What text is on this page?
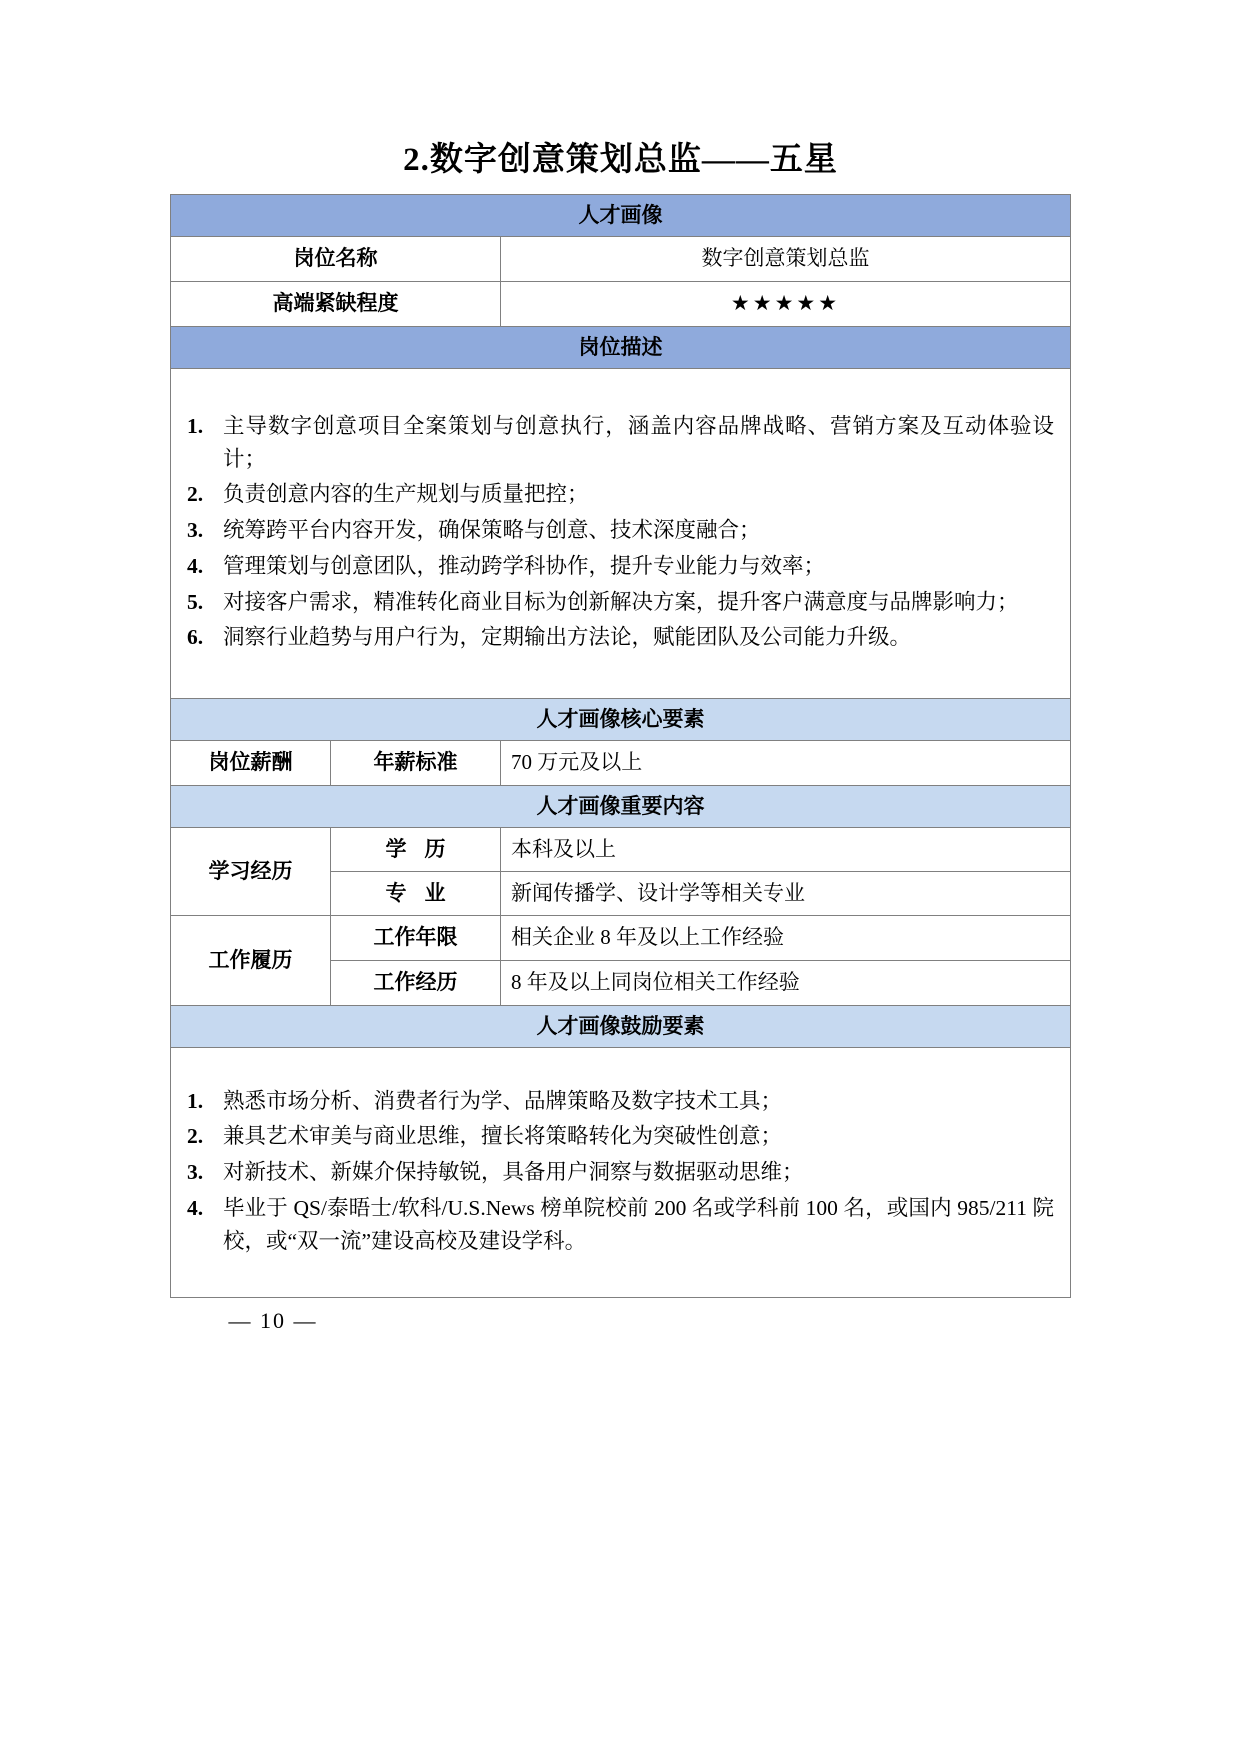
2.数字创意策划总监——五星
人才画像		
岗位名称		数字创意策划总监
高端紧缺程度		★★★★★
岗位描述		

1. 主导数字创意项目全案策划与创意执行，涵盖内容品牌战略、营销方案及互动体验设计；
2. 负责创意内容的生产规划与质量把控；
3. 统筹跨平台内容开发，确保策略与创意、技术深度融合；
4. 管理策划与创意团队，推动跨学科协作，提升专业能力与效率；
5. 对接客户需求，精准转化商业目标为创新解决方案，提升客户满意度与品牌影响力；
6. 洞察行业趋势与用户行为，定期输出方法论，赋能团队及公司能力升级。

人才画像核心要素		
岗位薪酬	年薪标准	70 万元及以上
人才画像重要内容		
学习经历	学历	本科及以上
	专业	新闻传播学、设计学等相关专业
工作履历	工作年限	相关企业 8 年及以上工作经验
	工作经历	8 年及以上同岗位相关工作经验
人才画像鼓励要素		

1. 熟悉市场分析、消费者行为学、品牌策略及数字技术工具；
2. 兼具艺术审美与商业思维，擅长将策略转化为突破性创意；
3. 对新技术、新媒介保持敏锐，具备用户洞察与数据驱动思维；
4. 毕业于 QS/泰晤士/软科/U.S.News 榜单院校前 200 名或学科前 100 名，或国内 985/211 院校，或“双一流”建设高校及建设学科。
— 10 —
